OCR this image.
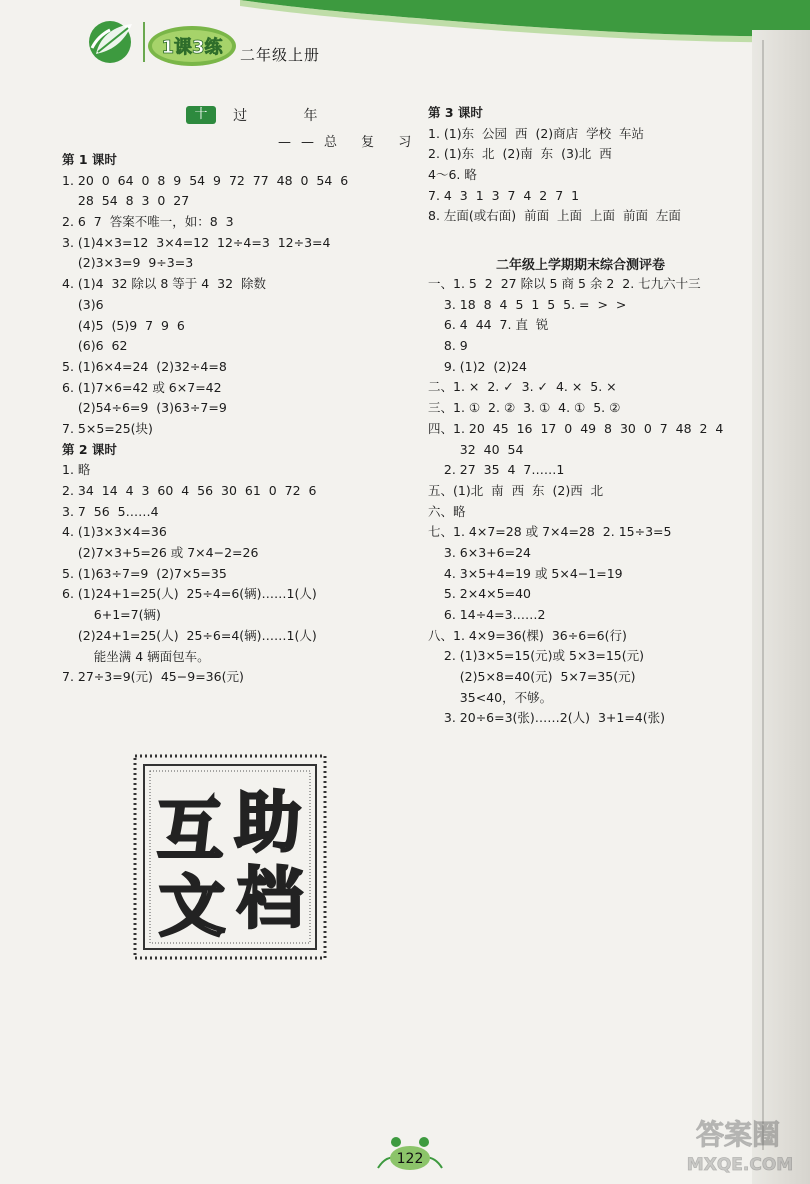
1课3练 二年级上册
十 过 年
——总 复 习
第 1 课时
1. 20  0  64  0  8  9  54  9  72  77  48  0  54  6
28  54  8  3  0  27
2. 6  7  答案不唯一，如：8  3
3. (1)4×3=12  3×4=12  12÷4=3  12÷3=4
(2)3×3=9  9÷3=3
4. (1)4  32 除以 8 等于 4  32  除数
(3)6
(4)5  (5)9  7  9  6
(6)6  62
5. (1)6×4=24  (2)32÷4=8
6. (1)7×6=42 或 6×7=42
(2)54÷6=9  (3)63÷7=9
7. 5×5=25(块)
第 2 课时
1. 略
2. 34  14  4  3  60  4  56  30  61  0  72  6
3. 7  56  5……4
4. (1)3×3×4=36
(2)7×3+5=26 或 7×4−2=26
5. (1)63÷7=9  (2)7×5=35
6. (1)24+1=25(人)  25÷4=6(辆)……1(人)
6+1=7(辆)
(2)24+1=25(人)  25÷6=4(辆)……1(人)
能坐满 4 辆面包车。
7. 27÷3=9(元)  45−9=36(元)
第 3 课时
1. (1)东  公园  西  (2)商店  学校  车站
2. (1)东  北  (2)南  东  (3)北  西
4～6. 略
7. 4  3  1  3  7  4  2  7  1
8. 左面(或右面)  前面  上面  上面  前面  左面
二年级上学期期末综合测评卷
一、1. 5  2  27 除以 5 商 5 余 2  2. 七九六十三
3. 18  8  4  5  1  5  5. =  >  >
6. 4  44  7. 直  锐
8. 9
9. (1)2  (2)24
二、1. ×  2. ✓  3. ✓  4. ×  5. ×
三、1. ①  2. ②  3. ①  4. ①  5. ②
四、1. 20  45  16  17  0  49  8  30  0  7  48  2  4
32  40  54
2. 27  35  4  7……1
五、(1)北  南  西  东  (2)西  北
六、略
七、1. 4×7=28 或 7×4=28  2. 15÷3=5
3. 6×3+6=24
4. 3×5+4=19 或 5×4−1=19
5. 2×4×5=40
6. 14÷4=3……2
八、1. 4×9=36(棵)  36÷6=6(行)
2. (1)3×5=15(元)或 5×3=15(元)
(2)5×8=40(元)  5×7=35(元)
35<40，不够。
3. 20÷6=3(张)……2(人)  3+1=4(张)
互 助
文 档
122
答案圈
MXQE.COM
